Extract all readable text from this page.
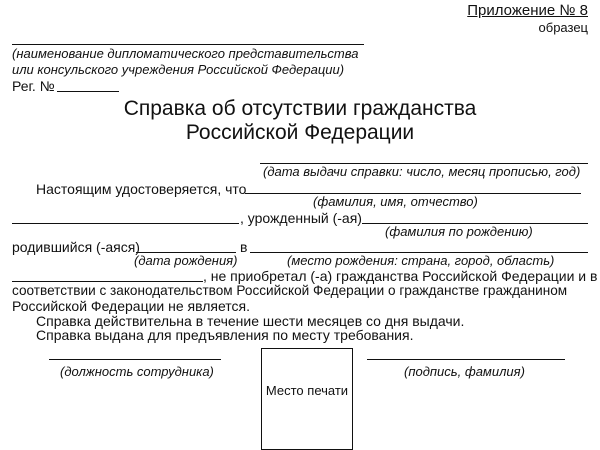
Приложение № 8
образец
(наименование дипломатического представительства
или консульского учреждения Российской Федерации)
Рег. №
Справка об отсутствии гражданства
Российской Федерации
(дата выдачи справки: число, месяц прописью, год)
Настоящим удостоверяется, что
(фамилия, имя, отчество)
, урожденный (-ая)
(фамилия по рождению)
родившийся (-аяся)	в
(дата рождения)	(место рождения: страна, город, область)
, не приобретал (-а) гражданства Российской Федерации и в
соответствии с законодательством Российской Федерации о гражданстве гражданином
Российской Федерации не является.
Справка действительна в течение шести месяцев со дня выдачи.
Справка выдана для предъявления по месту требования.
(должность сотрудника)
Место печати
(подпись, фамилия)
